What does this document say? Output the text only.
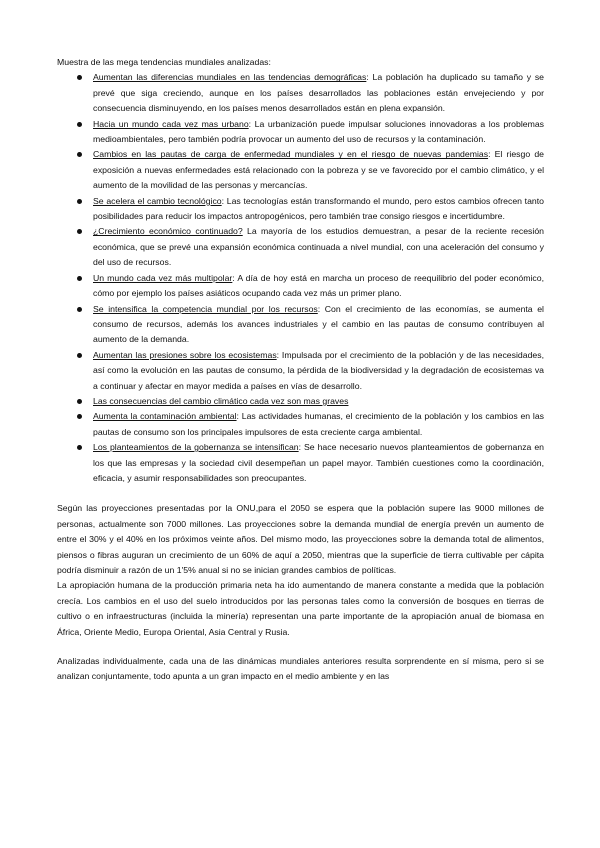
Muestra de las mega tendencias mundiales analizadas:
Aumentan las diferencias mundiales en las tendencias demográficas: La población ha duplicado su tamaño y se prevé que siga creciendo, aunque en los países desarrollados las poblaciones están envejeciendo y por consecuencia disminuyendo, en los países menos desarrollados están en plena expansión.
Hacia un mundo cada vez mas urbano: La urbanización puede impulsar soluciones innovadoras a los problemas medioambientales, pero también podría provocar un aumento del uso de recursos y la contaminación.
Cambios en las pautas de carga de enfermedad mundiales y en el riesgo de nuevas pandemias: El riesgo de exposición a nuevas enfermedades está relacionado con la pobreza y se ve favorecido por el cambio climático, y el aumento de la movilidad de las personas y mercancías.
Se acelera el cambio tecnológico: Las tecnologías están transformando el mundo, pero estos cambios ofrecen tanto posibilidades para reducir los impactos antropogénicos, pero también trae consigo riesgos e incertidumbre.
¿Crecimiento económico continuado? La mayoría de los estudios demuestran, a pesar de la reciente recesión económica, que se prevé una expansión económica continuada a nivel mundial, con una aceleración del consumo y del uso de recursos.
Un mundo cada vez más multipolar: A día de hoy está en marcha un proceso de reequilibrio del poder económico, cómo por ejemplo los países asiáticos ocupando cada vez más un primer plano.
Se intensifica la competencia mundial por los recursos: Con el crecimiento de las economías, se aumenta el consumo de recursos, además los avances industriales y el cambio en las pautas de consumo contribuyen al aumento de la demanda.
Aumentan las presiones sobre los ecosistemas: Impulsada por el crecimiento de la población y de las necesidades, así como la evolución en las pautas de consumo, la pérdida de la biodiversidad y la degradación de ecosistemas va a continuar y afectar en mayor medida a países en vías de desarrollo.
Las consecuencias del cambio climático cada vez son mas graves
Aumenta la contaminación ambiental: Las actividades humanas, el crecimiento de la población y los cambios en las pautas de consumo son los principales impulsores de esta creciente carga ambiental.
Los planteamientos de la gobernanza se intensifican: Se hace necesario nuevos planteamientos de gobernanza en los que las empresas y la sociedad civil desempeñan un papel mayor. También cuestiones como la coordinación, eficacia, y asumir responsabilidades son preocupantes.

Según las proyecciones presentadas por la ONU,para el 2050 se espera que la población supere las 9000 millones de personas, actualmente son 7000 millones. Las proyecciones sobre la demanda mundial de energía prevén un aumento de entre el 30% y el 40% en los próximos veinte años. Del mismo modo, las proyecciones sobre la demanda total de alimentos, piensos o fibras auguran un crecimiento de un 60% de aquí a 2050, mientras que la superficie de tierra cultivable per cápita podría disminuir a razón de un 1'5% anual si no se inician grandes cambios de políticas.

La apropiación humana de la producción primaria neta ha ido aumentando de manera constante a medida que la población crecía. Los cambios en el uso del suelo introducidos por las personas tales como la conversión de bosques en tierras de cultivo o en infraestructuras (incluida la minería) representan una parte importante de la apropiación anual de biomasa en África, Oriente Medio, Europa Oriental, Asia Central y Rusia.

Analizadas individualmente, cada una de las dinámicas mundiales anteriores resulta sorprendente en sí misma, pero si se analizan conjuntamente, todo apunta a un gran impacto en el medio ambiente y en las
